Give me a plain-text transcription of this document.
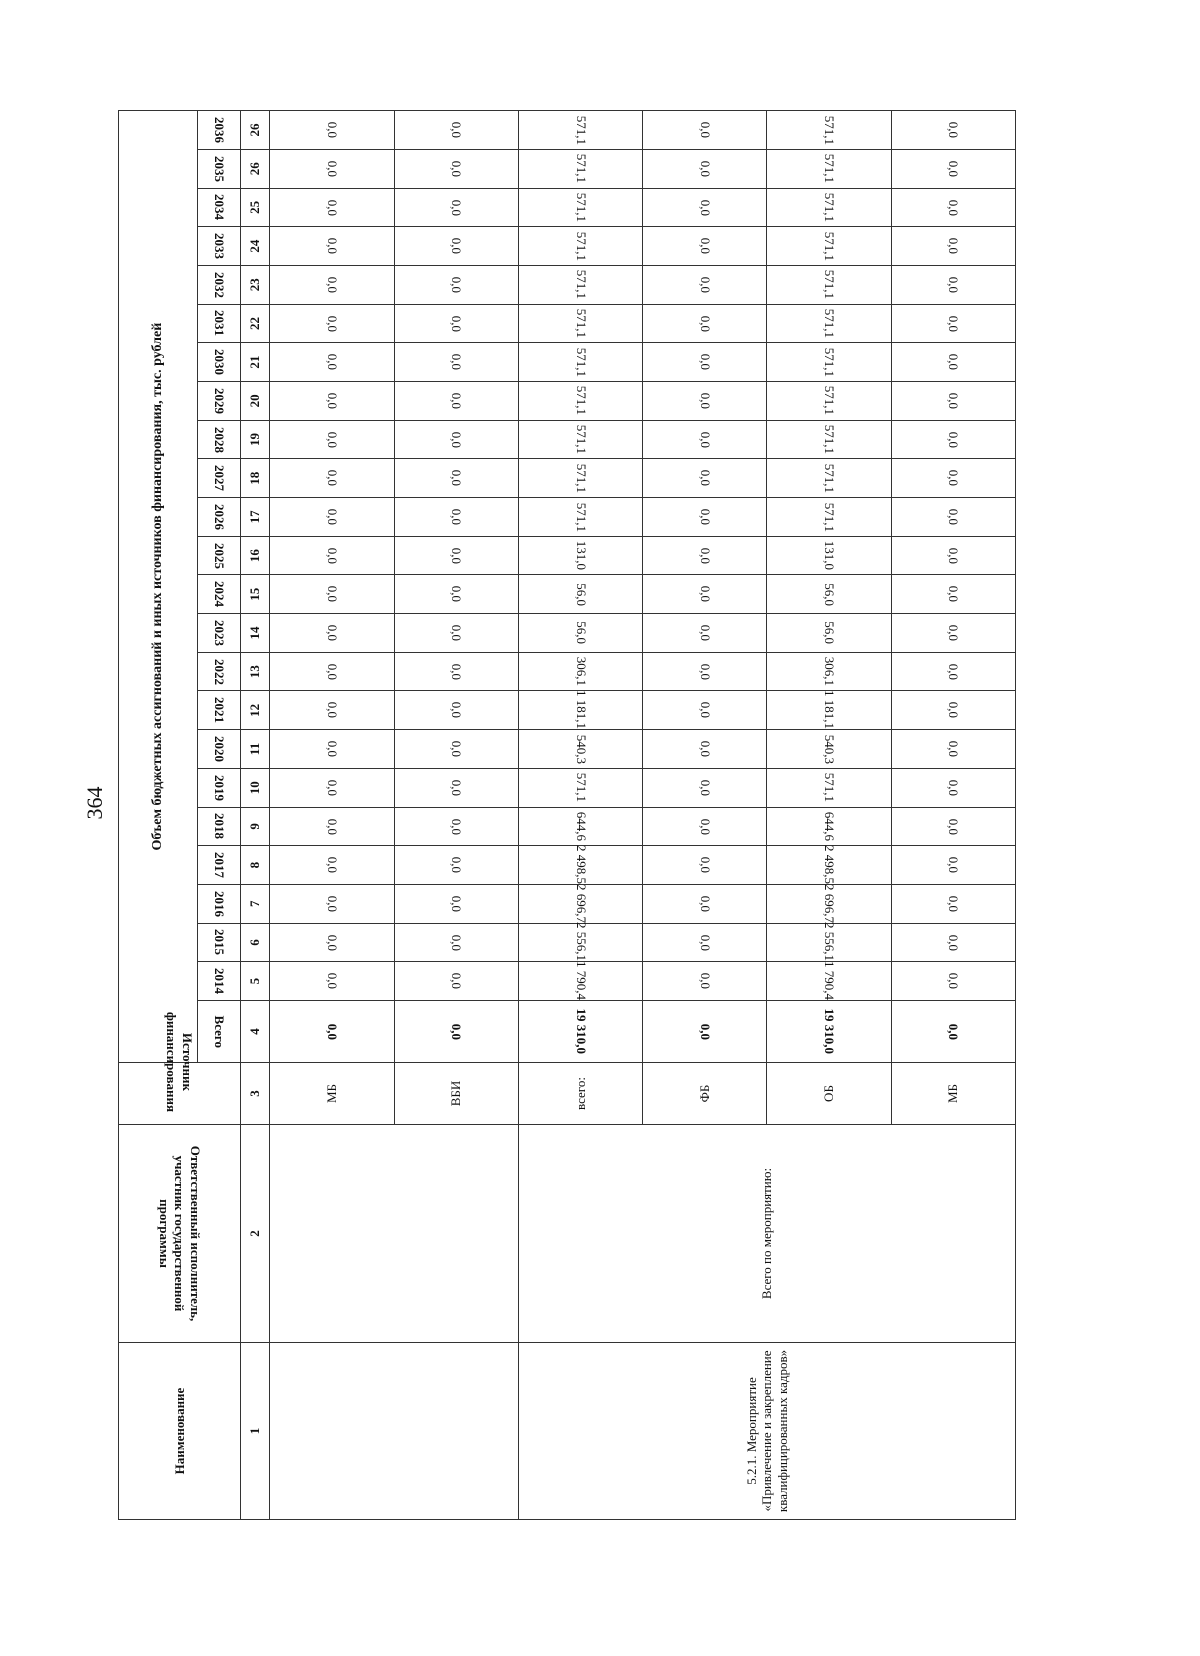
364
Наименование	Ответственный исполнитель, участник государственной программы	Источник финансирования	Объем бюджетных ассигнований и иных источников финансирования, тыс. рублей																							
			Всего	2014	2015	2016	2017	2018	2019	2020	2021	2022	2023	2024	2025	2026	2027	2028	2029	2030	2031	2032	2033	2034	2035	2036
1	2	3	4	5	6	7	8	9	10	11	12	13	14	15	16	17	18	19	20	21	22	23	24	25	26	26
		МБ	0,0	0,0	0,0	0,0	0,0	0,0	0,0	0,0	0,0	0,0	0,0	0,0	0,0	0,0	0,0	0,0	0,0	0,0	0,0	0,0	0,0	0,0	0,0	0,0
		ВБИ	0,0	0,0	0,0	0,0	0,0	0,0	0,0	0,0	0,0	0,0	0,0	0,0	0,0	0,0	0,0	0,0	0,0	0,0	0,0	0,0	0,0	0,0	0,0	0,0
5.2.1. Мероприятие «Привлечение и закрепление квалифицированных кадров»	Всего по мероприятию:	всего:	19 310,0	1 790,4	2 556,1	2 696,7	2 498,5	644,6	571,1	540,3	1 181,1	306,1	56,0	56,0	131,0	571,1	571,1	571,1	571,1	571,1	571,1	571,1	571,1	571,1	571,1	571,1
		ФБ	0,0	0,0	0,0	0,0	0,0	0,0	0,0	0,0	0,0	0,0	0,0	0,0	0,0	0,0	0,0	0,0	0,0	0,0	0,0	0,0	0,0	0,0	0,0	0,0
		ОБ	19 310,0	1 790,4	2 556,1	2 696,7	2 498,5	644,6	571,1	540,3	1 181,1	306,1	56,0	56,0	131,0	571,1	571,1	571,1	571,1	571,1	571,1	571,1	571,1	571,1	571,1	571,1
		МБ	0,0	0,0	0,0	0,0	0,0	0,0	0,0	0,0	0,0	0,0	0,0	0,0	0,0	0,0	0,0	0,0	0,0	0,0	0,0	0,0	0,0	0,0	0,0	0,0
